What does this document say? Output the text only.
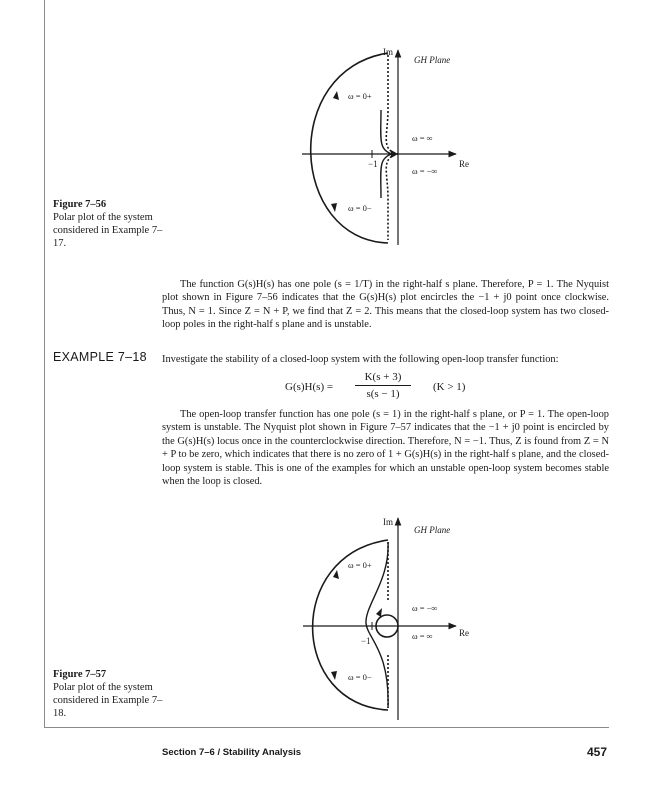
Im
Re
GH Plane
−1
ω = 0+
ω = 0−
ω = ∞
ω = −∞
Figure 7–56
Polar plot of the system considered in Example 7–17.

The function G(s)H(s) has one pole (s = 1/T) in the right-half s plane. Therefore, P = 1. The Nyquist plot shown in Figure 7–56 indicates that the G(s)H(s) plot encircles the −1 + j0 point once clockwise. Thus, N = 1. Since Z = N + P, we find that Z = 2. This means that the closed-loop system has two closed-loop poles in the right-half s plane and is unstable.

EXAMPLE 7–18 Investigate the stability of a closed-loop system with the following open-loop transfer function:
$G(s)H(s) = \frac{K(s + 3)}{s(s - 1)} (K > 1)$

The open-loop transfer function has one pole (s = 1) in the right-half s plane, or P = 1. The open-loop system is unstable. The Nyquist plot shown in Figure 7–57 indicates that the −1 + j0 point is encircled by the G(s)H(s) locus once in the counterclockwise direction. Therefore, N = −1. Thus, Z is found from Z = N + P to be zero, which indicates that there is no zero of 1 + G(s)H(s) in the right-half s plane, and the closed-loop system is stable. This is one of the examples for which an unstable open-loop system becomes stable when the loop is closed.

Im
Re
GH Plane
−1
ω = 0+
ω = 0−
ω = −∞
ω = ∞
Figure 7–57
Polar plot of the system considered in Example 7–18.
Section 7–6 / Stability Analysis	457
